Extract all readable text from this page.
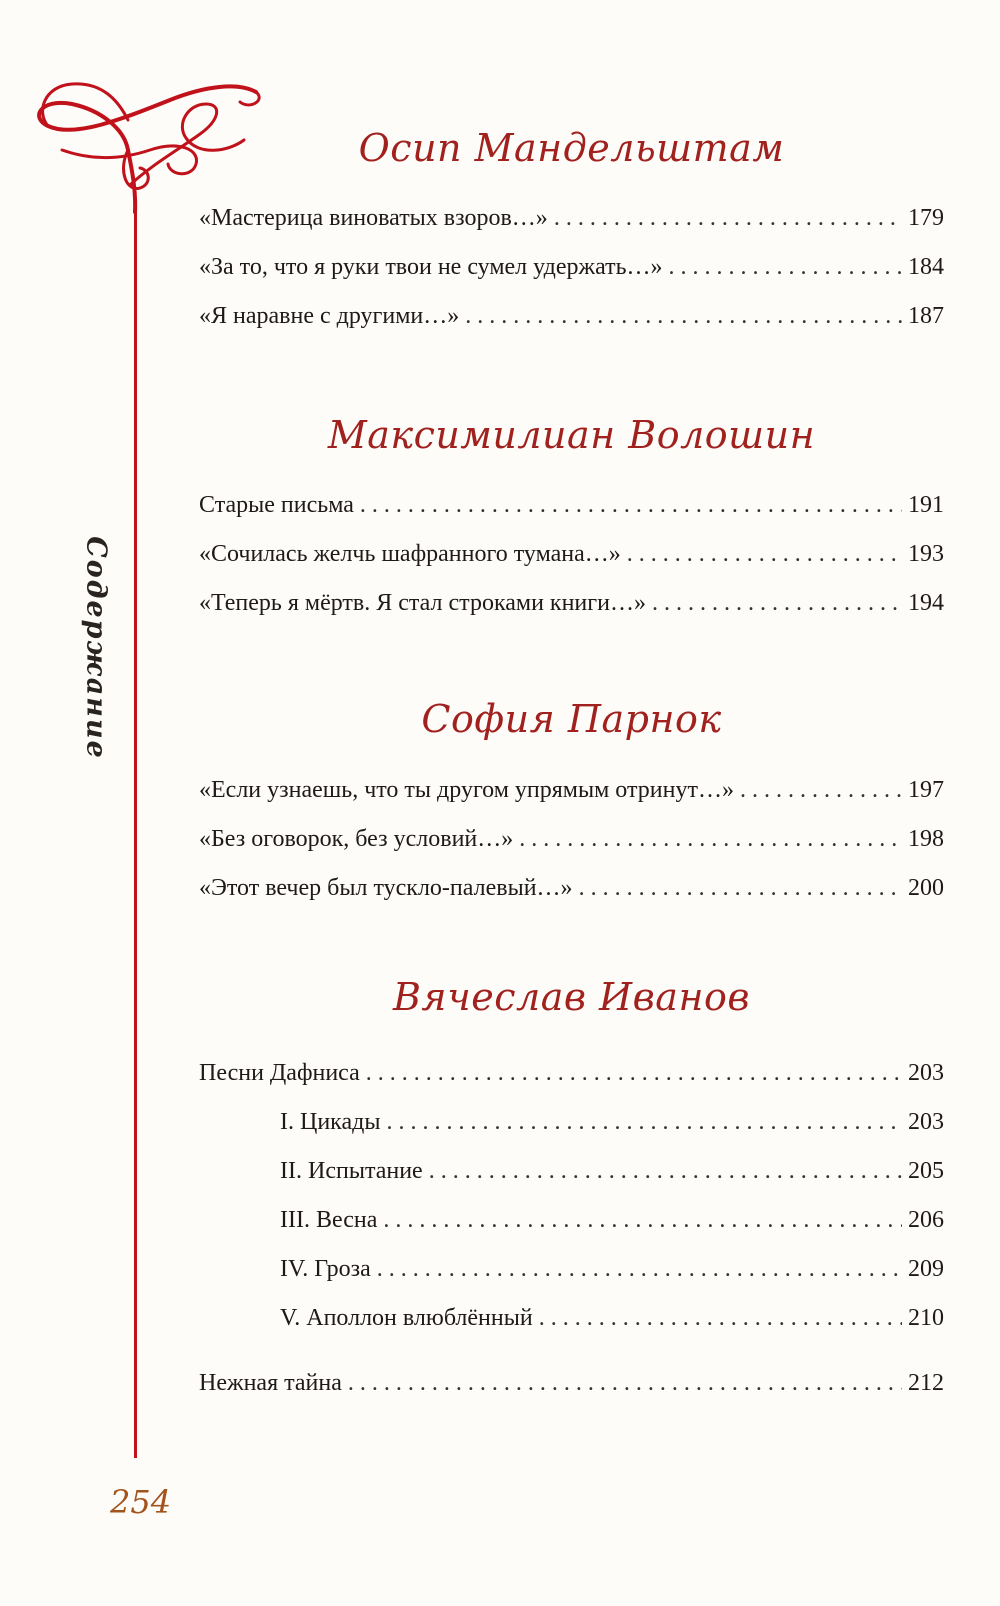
Содержание
254
Осип Мандельштам
«Мастерица виноватых взоров…» . . .	179
«За то, что я руки твои не сумел удержать…» . . .	184
«Я наравне с другими…» . . .	187
Максимилиан Волошин
Старые письма . . .	191
«Сочилась желчь шафранного тумана…» . . .	193
«Теперь я мёртв. Я стал строками книги…» . . .	194
София Парнок
«Если узнаешь, что ты другом упрямым отринут…» . . .	197
«Без оговорок, без условий…» . . .	198
«Этот вечер был тускло-палевый…» . . .	200
Вячеслав Иванов
Песни Дафниса . . .	203
I. Цикады . . .	203
II. Испытание . . .	205
III. Весна . . .	206
IV. Гроза . . .	209
V. Аполлон влюблённый . . .	210
Нежная тайна . . .	212
